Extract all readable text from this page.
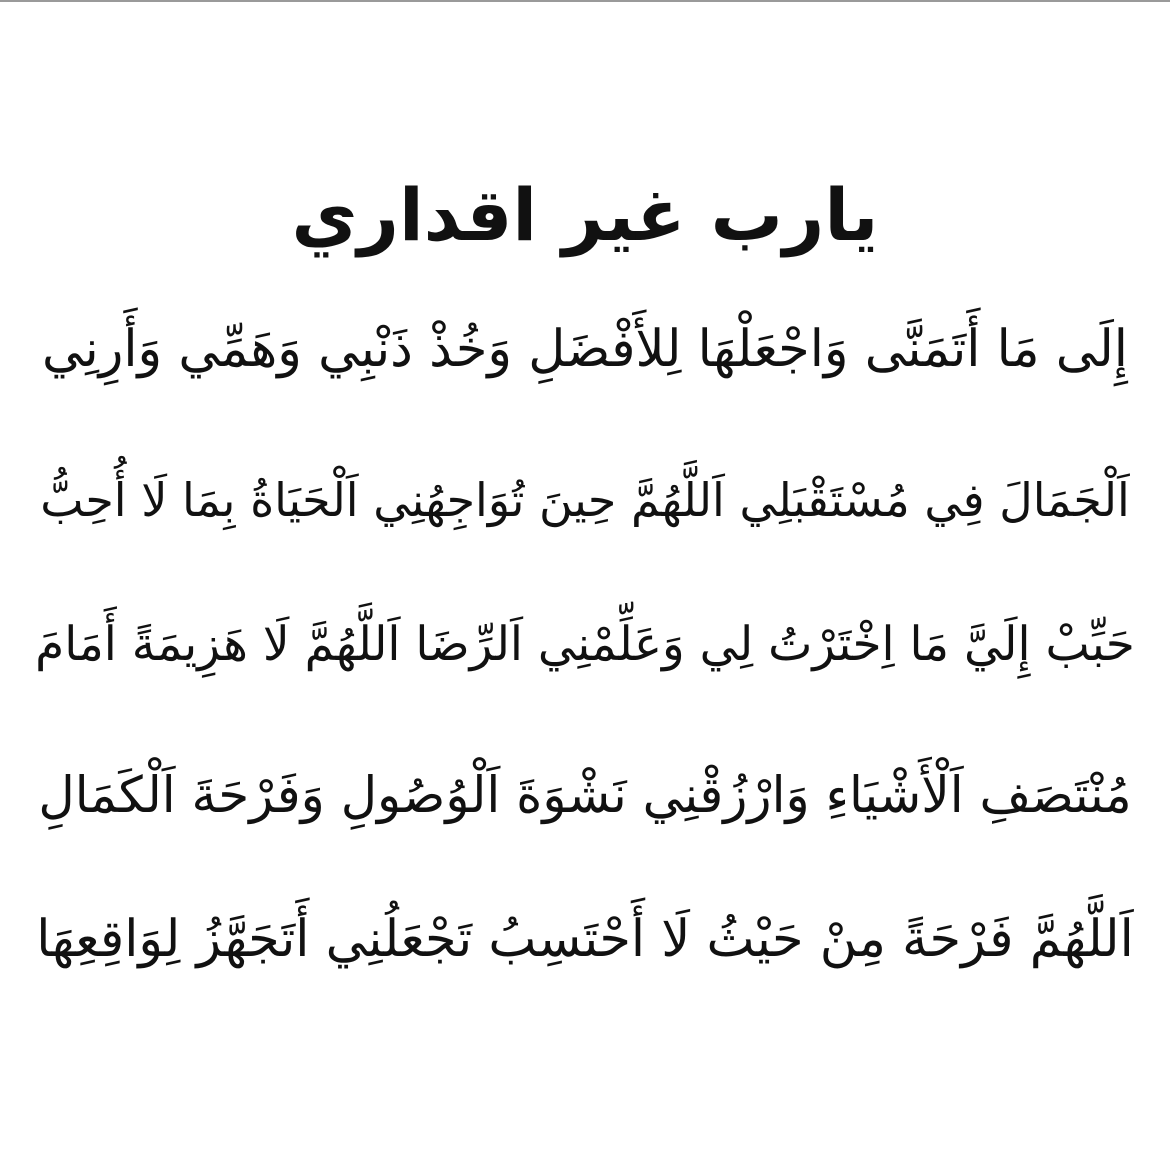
يارب غير اقداري
إِلَى مَا أَتَمَنَّى وَاجْعَلْهَا لِلأَفْضَلِ وَخُذْ ذَنْبِي وَهَمِّي وَأَرِنِي
اَلْجَمَالَ فِي مُسْتَقْبَلِي اَللَّهُمَّ حِينَ تُوَاجِهُنِي اَلْحَيَاةُ بِمَا لَا أُحِبُّ
حَبِّبْ إِلَيَّ مَا اِخْتَرْتُ لِي وَعَلِّمْنِي اَلرِّضَا اَللَّهُمَّ لَا هَزِيمَةً أَمَامَ
مُنْتَصَفِ اَلْأَشْيَاءِ وَارْزُقْنِي نَشْوَةَ اَلْوُصُولِ وَفَرْحَةَ اَلْكَمَالِ
اَللَّهُمَّ فَرْحَةً مِنْ حَيْثُ لَا أَحْتَسِبُ تَجْعَلُنِي أَتَجَهَّزُ لِوَاقِعِهَا
